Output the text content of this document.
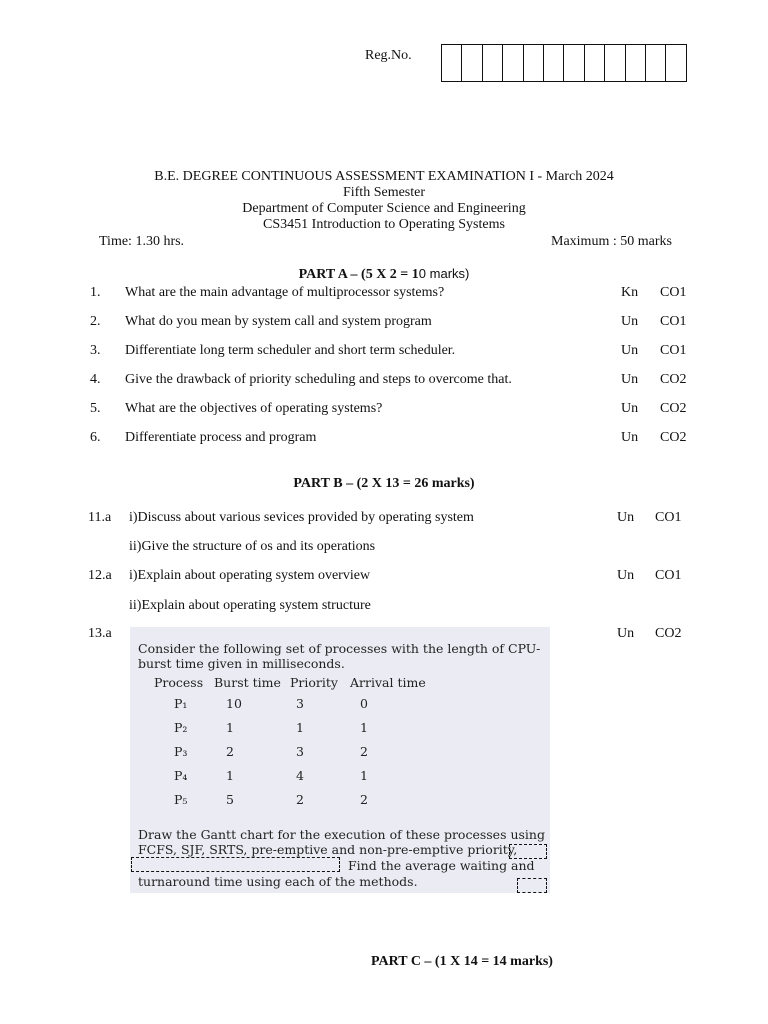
Reg.No.
B.E. DEGREE CONTINUOUS ASSESSMENT EXAMINATION I - March 2024
Fifth Semester
Department of Computer Science and Engineering
CS3451 Introduction to Operating Systems
Time: 1.30 hrs.	Maximum : 50 marks
PART A – (5 X 2 = 10 marks)
1. What are the main advantage of multiprocessor systems?	Kn CO1
2. What do you mean by system call and system program	Un CO1
3. Differentiate long term scheduler and short term scheduler.	Un CO1
4. Give the drawback of priority scheduling and steps to overcome that.	Un CO2
5. What are the objectives of operating systems?	Un CO2
6. Differentiate process and program	Un CO2
PART B – (2 X 13 = 26 marks)
11.a i)Discuss about various sevices provided by operating system
ii)Give the structure of os and its operations
Un CO1
12.a i)Explain about operating system overview
ii)Explain about operating system structure
Un CO1
13.a	Un CO2
Consider the following set of processes with the length of CPU-
burst time given in milliseconds.
Process	Burst time	Priority	Arrival time
P₁	10	3	0
P₂	1	1	1
P₃	2	3	2
P₄	1	4	1
P₅	5	2	2
Draw the Gantt chart for the execution of these processes using
FCFS, SJF, SRTS, pre-emptive and non-pre-emptive priority,
Find the average waiting and
turnaround time using each of the methods.
PART C – (1 X 14 = 14 marks)
